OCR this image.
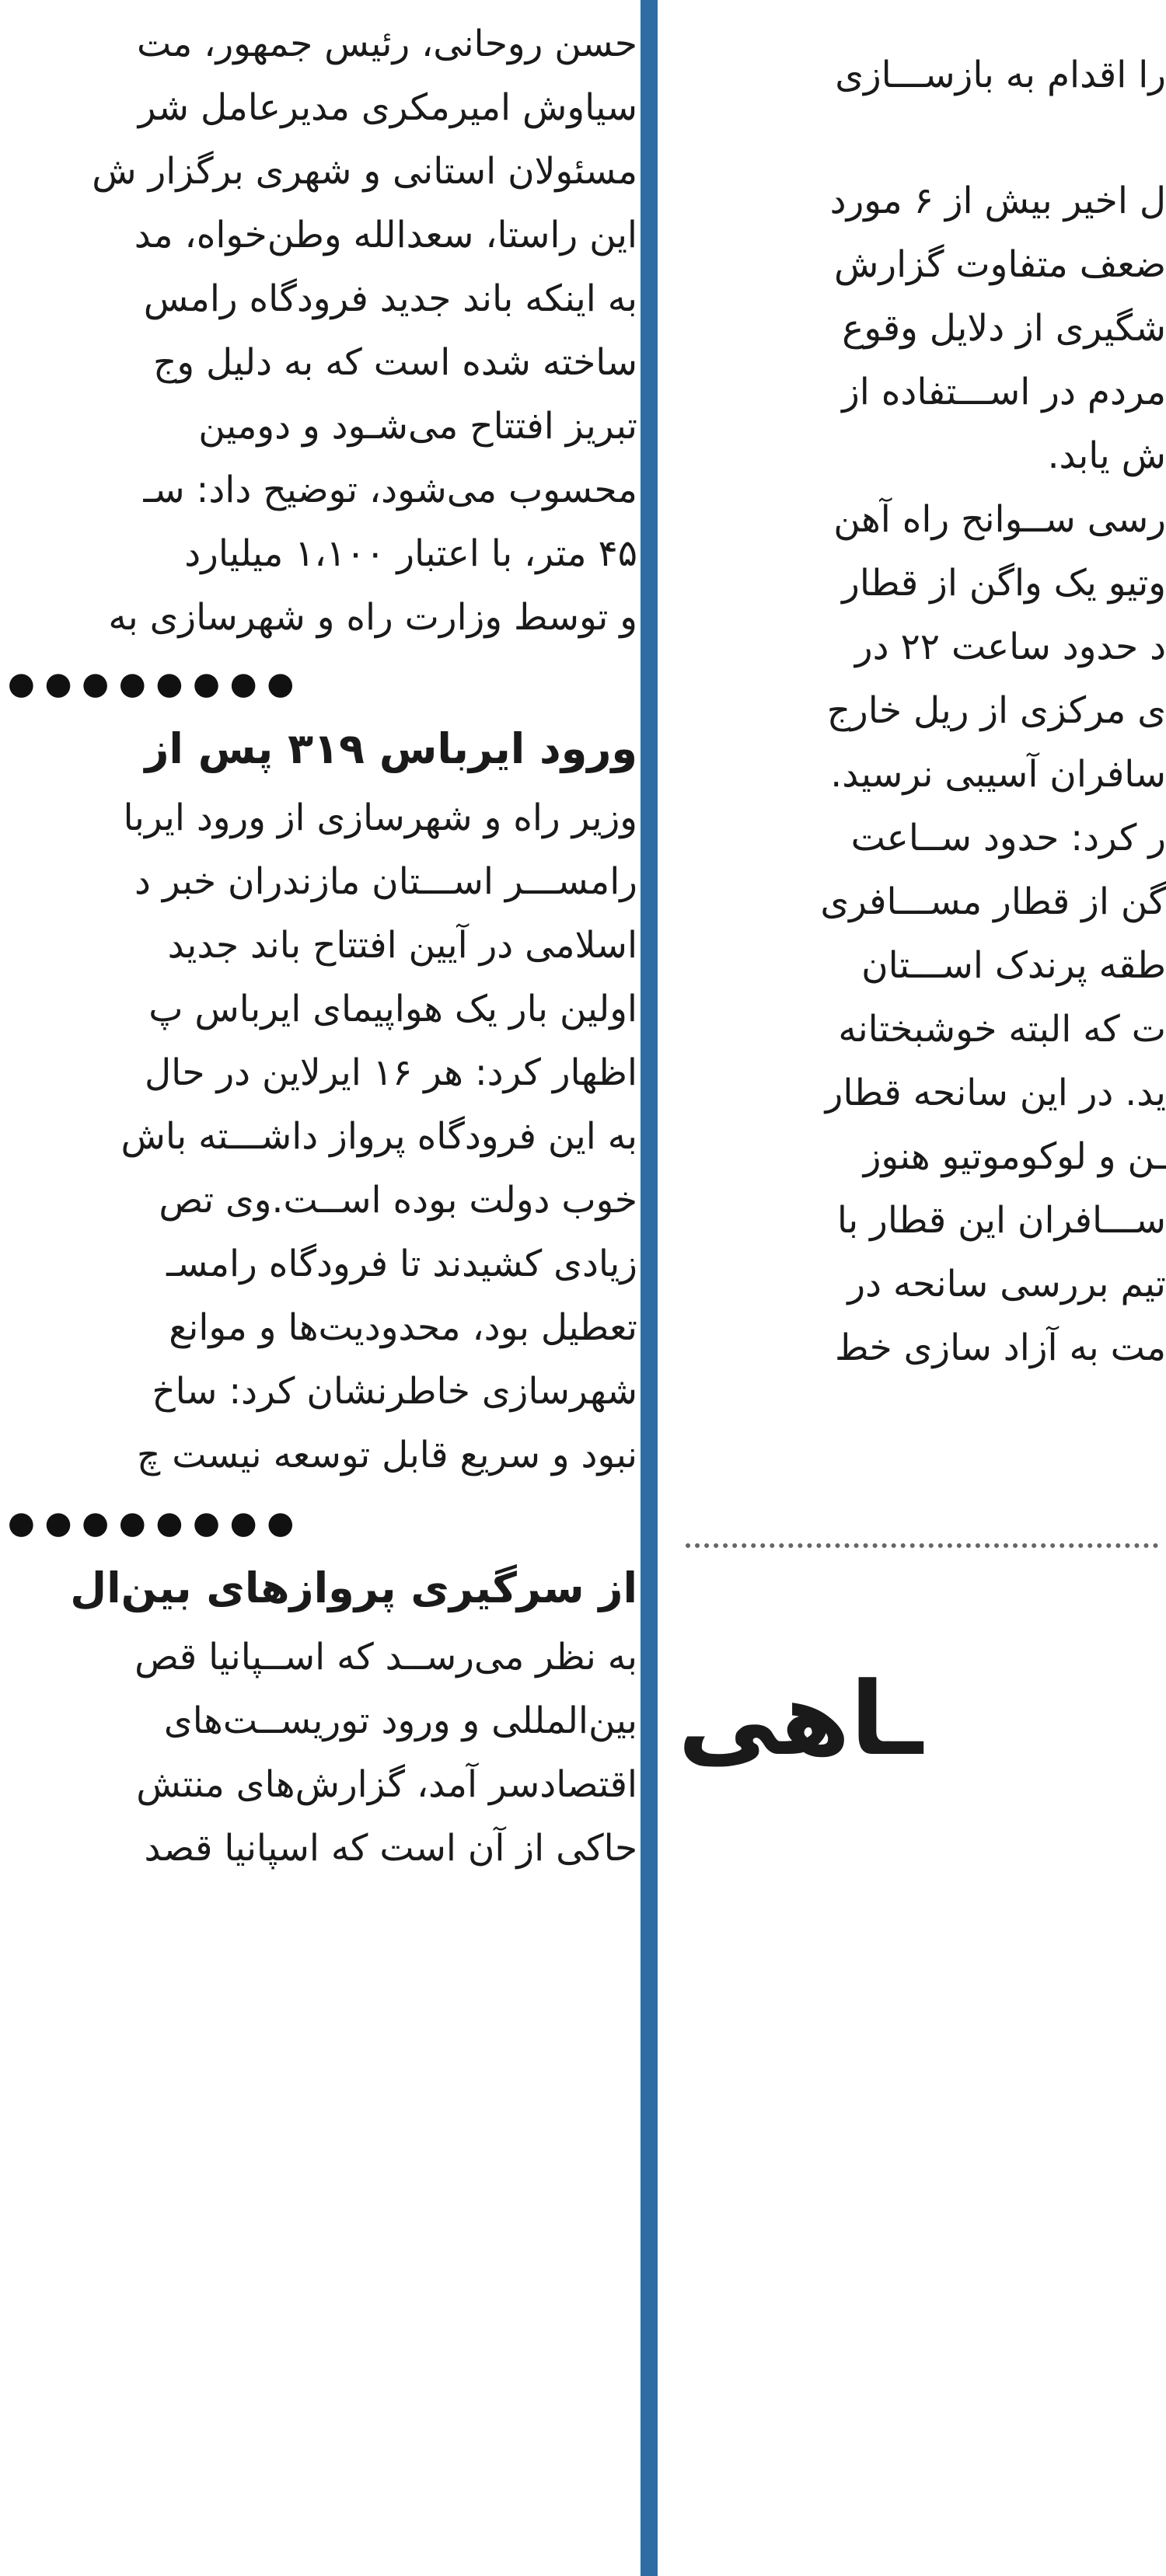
حسن روحانی، رئیس جمهور، مت
سیاوش امیرمکری مدیرعامل شر
مسئولان استانی و شهری برگزار ش
این راستا، سعدالله وطن‌خواه، مد
به اینکه باند جدید فرودگاه رامس
ساخته شده است که به دلیل وج
تبریز افتتاح می‌شـود و دومین
محسوب می‌شود، توضیح داد: سـ
۴۵ متر، با اعتبار ۱،۱۰۰ میلیارد
و توسط وزارت راه و شهرسازی به
● ● ● ● ● ● ● ●
ورود ایرباس ۳۱۹ پس از
وزیر راه و شهرسازی از ورود ایربا
رامســـر اســـتان مازندران خبر د
اسلامی در آیین افتتاح باند جدید
اولین بار یک هواپیمای ایرباس پ
اظهار کرد: هر ۱۶ ایرلاین در حال
به این فرودگاه پرواز داشـــته باش
خوب دولت بوده اســت.وی تص
زیادی کشیدند تا فرودگاه رامسـ
تعطیل بود، محدودیت‌ها و موانع
شهرسازی خاطرنشان کرد: ساخ
نبود و سریع قابل توسعه نیست چ
● ● ● ● ● ● ● ●
از سرگیری پروازهای بین‌ال
به نظر می‌رســد که اســپانیا قص
بین‌المللی و ورود توریســت‌های
اقتصادسر آمد، گزارش‌های منتش
حاکی از آن است که اسپانیا قصد
را اقدام به بازســـازی
ل اخیر بیش از ۶ مورد
ضعف متفاوت گزارش
شگیری از دلایل وقوع
مردم در اســـتفاده از
ش یابد.
رسی ســوانح راه آهن
وتیو یک واگن از قطار
د حدود ساعت ۲۲ در
ی مرکزی از ریل خارج
سافران آسیبی نرسید.
ر کرد: حدود ســاعت
گن از قطار مســـافری
طقه پرندک اســـتان
ت که البته خوشبختانه
ید. در این سانحه قطار
ـن و لوکوموتیو هنوز
ســـافران این قطار با
تیم بررسی سانحه در
مت به آزاد سازی خط
ـاهی
